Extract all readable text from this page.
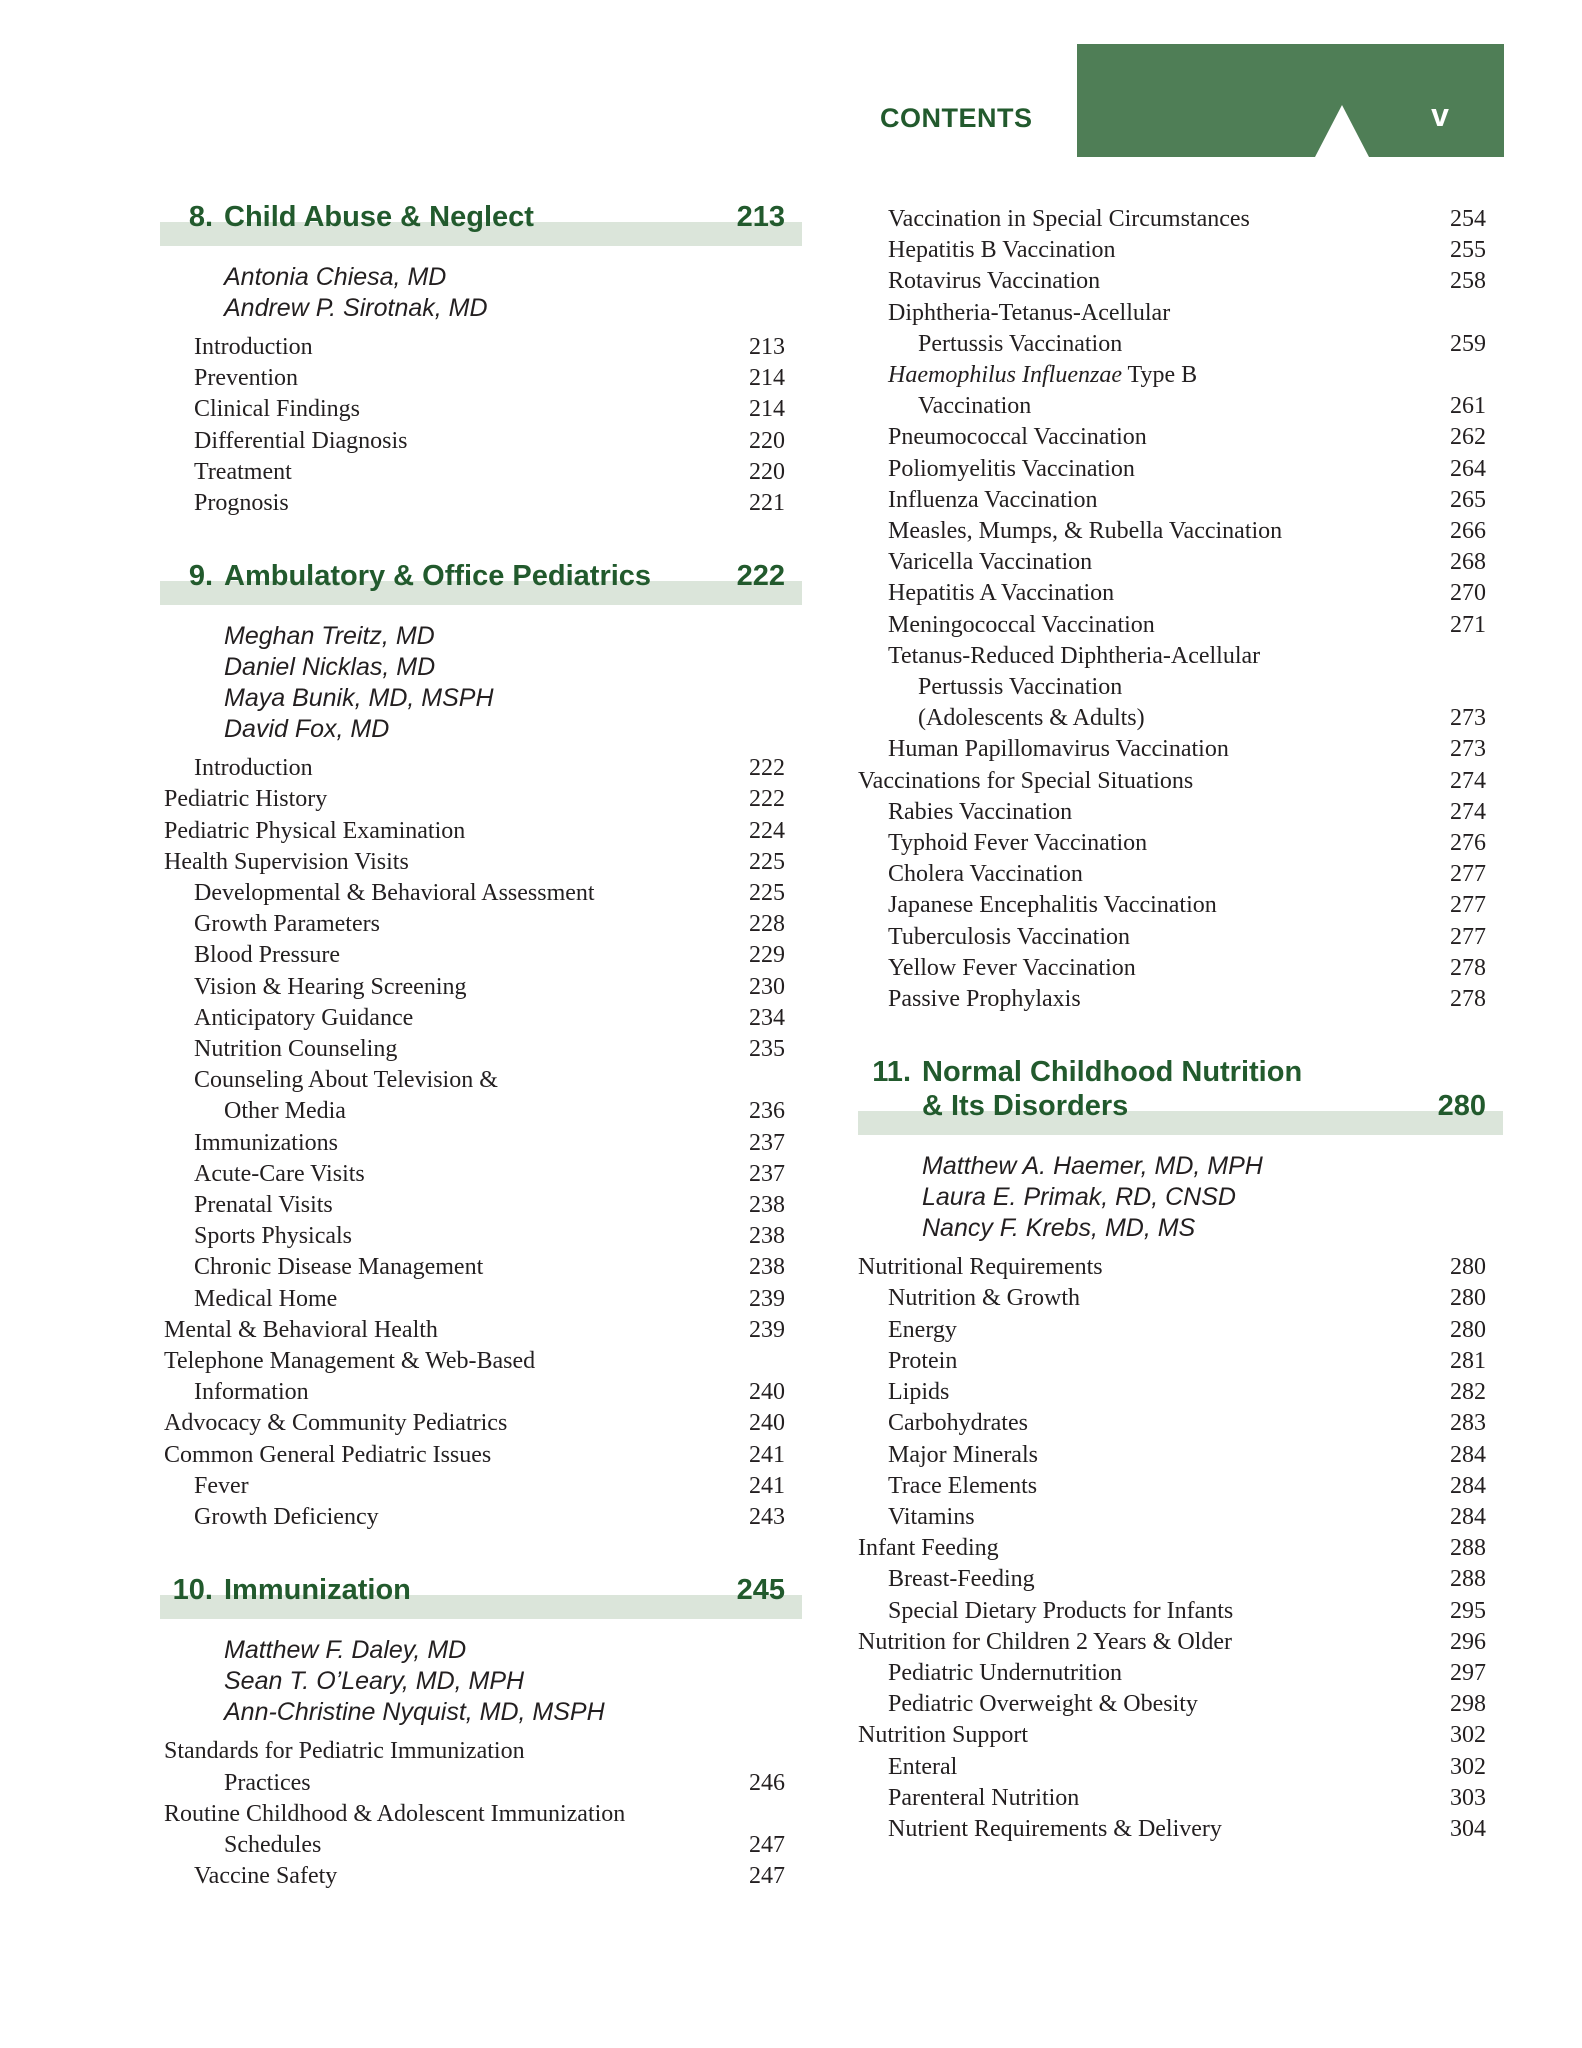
CONTENTS	v
8. Child Abuse & Neglect	213
Antonia Chiesa, MD
Andrew P. Sirotnak, MD
Introduction	213
Prevention	214
Clinical Findings	214
Differential Diagnosis	220
Treatment	220
Prognosis	221
9. Ambulatory & Office Pediatrics	222
Meghan Treitz, MD
Daniel Nicklas, MD
Maya Bunik, MD, MSPH
David Fox, MD
Introduction	222
Pediatric History	222
Pediatric Physical Examination	224
Health Supervision Visits	225
Developmental & Behavioral Assessment	225
Growth Parameters	228
Blood Pressure	229
Vision & Hearing Screening	230
Anticipatory Guidance	234
Nutrition Counseling	235
Counseling About Television &
Other Media	236
Immunizations	237
Acute-Care Visits	237
Prenatal Visits	238
Sports Physicals	238
Chronic Disease Management	238
Medical Home	239
Mental & Behavioral Health	239
Telephone Management & Web-Based
Information	240
Advocacy & Community Pediatrics	240
Common General Pediatric Issues	241
Fever	241
Growth Deficiency	243
10. Immunization	245
Matthew F. Daley, MD
Sean T. O’Leary, MD, MPH
Ann-Christine Nyquist, MD, MSPH
Standards for Pediatric Immunization
Practices	246
Routine Childhood & Adolescent Immunization
Schedules	247
Vaccine Safety	247
Vaccination in Special Circumstances	254
Hepatitis B Vaccination	255
Rotavirus Vaccination	258
Diphtheria-Tetanus-Acellular
Pertussis Vaccination	259
Haemophilus Influenzae Type B
Vaccination	261
Pneumococcal Vaccination	262
Poliomyelitis Vaccination	264
Influenza Vaccination	265
Measles, Mumps, & Rubella Vaccination	266
Varicella Vaccination	268
Hepatitis A Vaccination	270
Meningococcal Vaccination	271
Tetanus-Reduced Diphtheria-Acellular
Pertussis Vaccination
(Adolescents & Adults)	273
Human Papillomavirus Vaccination	273
Vaccinations for Special Situations	274
Rabies Vaccination	274
Typhoid Fever Vaccination	276
Cholera Vaccination	277
Japanese Encephalitis Vaccination	277
Tuberculosis Vaccination	277
Yellow Fever Vaccination	278
Passive Prophylaxis	278
11. Normal Childhood Nutrition
& Its Disorders	280
Matthew A. Haemer, MD, MPH
Laura E. Primak, RD, CNSD
Nancy F. Krebs, MD, MS
Nutritional Requirements	280
Nutrition & Growth	280
Energy	280
Protein	281
Lipids	282
Carbohydrates	283
Major Minerals	284
Trace Elements	284
Vitamins	284
Infant Feeding	288
Breast-Feeding	288
Special Dietary Products for Infants	295
Nutrition for Children 2 Years & Older	296
Pediatric Undernutrition	297
Pediatric Overweight & Obesity	298
Nutrition Support	302
Enteral	302
Parenteral Nutrition	303
Nutrient Requirements & Delivery	304
